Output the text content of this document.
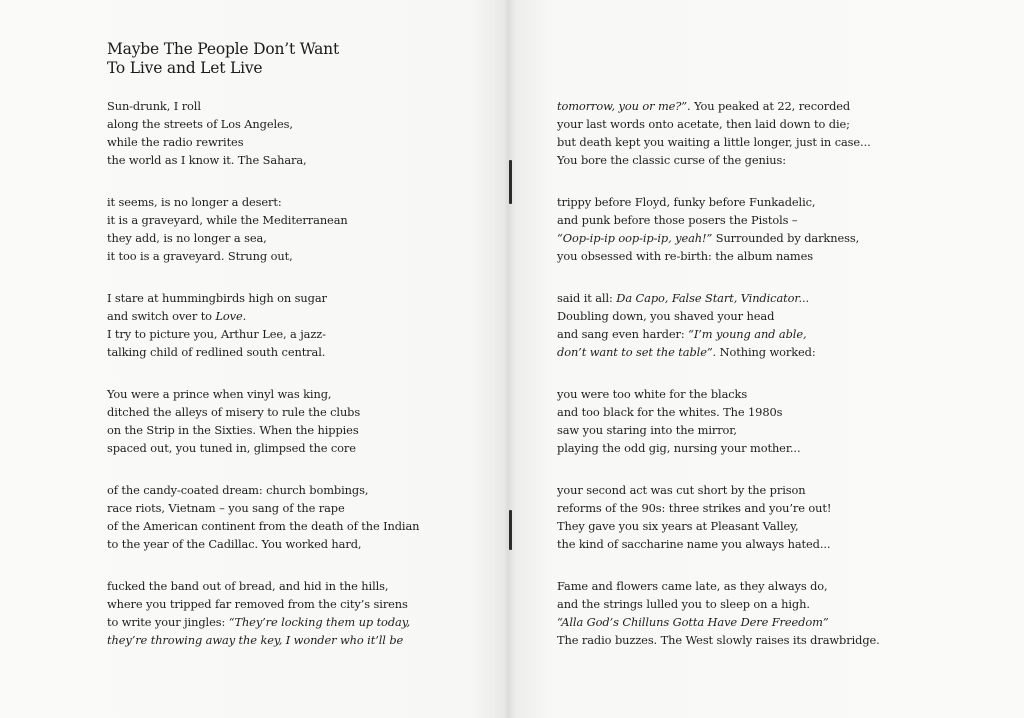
Maybe The People Don’t Want
To Live and Let Live
Sun-drunk, I roll
along the streets of Los Angeles,
while the radio rewrites
the world as I know it. The Sahara,
it seems, is no longer a desert:
it is a graveyard, while the Mediterranean
they add, is no longer a sea,
it too is a graveyard. Strung out,
I stare at hummingbirds high on sugar
and switch over to Love.
I try to picture you, Arthur Lee, a jazz-
talking child of redlined south central.
You were a prince when vinyl was king,
ditched the alleys of misery to rule the clubs
on the Strip in the Sixties. When the hippies
spaced out, you tuned in, glimpsed the core
of the candy-coated dream: church bombings,
race riots, Vietnam – you sang of the rape
of the American continent from the death of the Indian
to the year of the Cadillac. You worked hard,
fucked the band out of bread, and hid in the hills,
where you tripped far removed from the city’s sirens
to write your jingles: “They’re locking them up today,
they’re throwing away the key, I wonder who it’ll be
tomorrow, you or me?”. You peaked at 22, recorded
your last words onto acetate, then laid down to die;
but death kept you waiting a little longer, just in case...
You bore the classic curse of the genius:
trippy before Floyd, funky before Funkadelic,
and punk before those posers the Pistols –
“Oop-ip-ip oop-ip-ip, yeah!” Surrounded by darkness,
you obsessed with re-birth: the album names
said it all: Da Capo, False Start, Vindicator...
Doubling down, you shaved your head
and sang even harder: “I’m young and able,
don’t want to set the table”. Nothing worked:
you were too white for the blacks
and too black for the whites. The 1980s
saw you staring into the mirror,
playing the odd gig, nursing your mother...
your second act was cut short by the prison
reforms of the 90s: three strikes and you’re out!
They gave you six years at Pleasant Valley,
the kind of saccharine name you always hated...
Fame and flowers came late, as they always do,
and the strings lulled you to sleep on a high.
“Alla God’s Chilluns Gotta Have Dere Freedom”
The radio buzzes. The West slowly raises its drawbridge.
